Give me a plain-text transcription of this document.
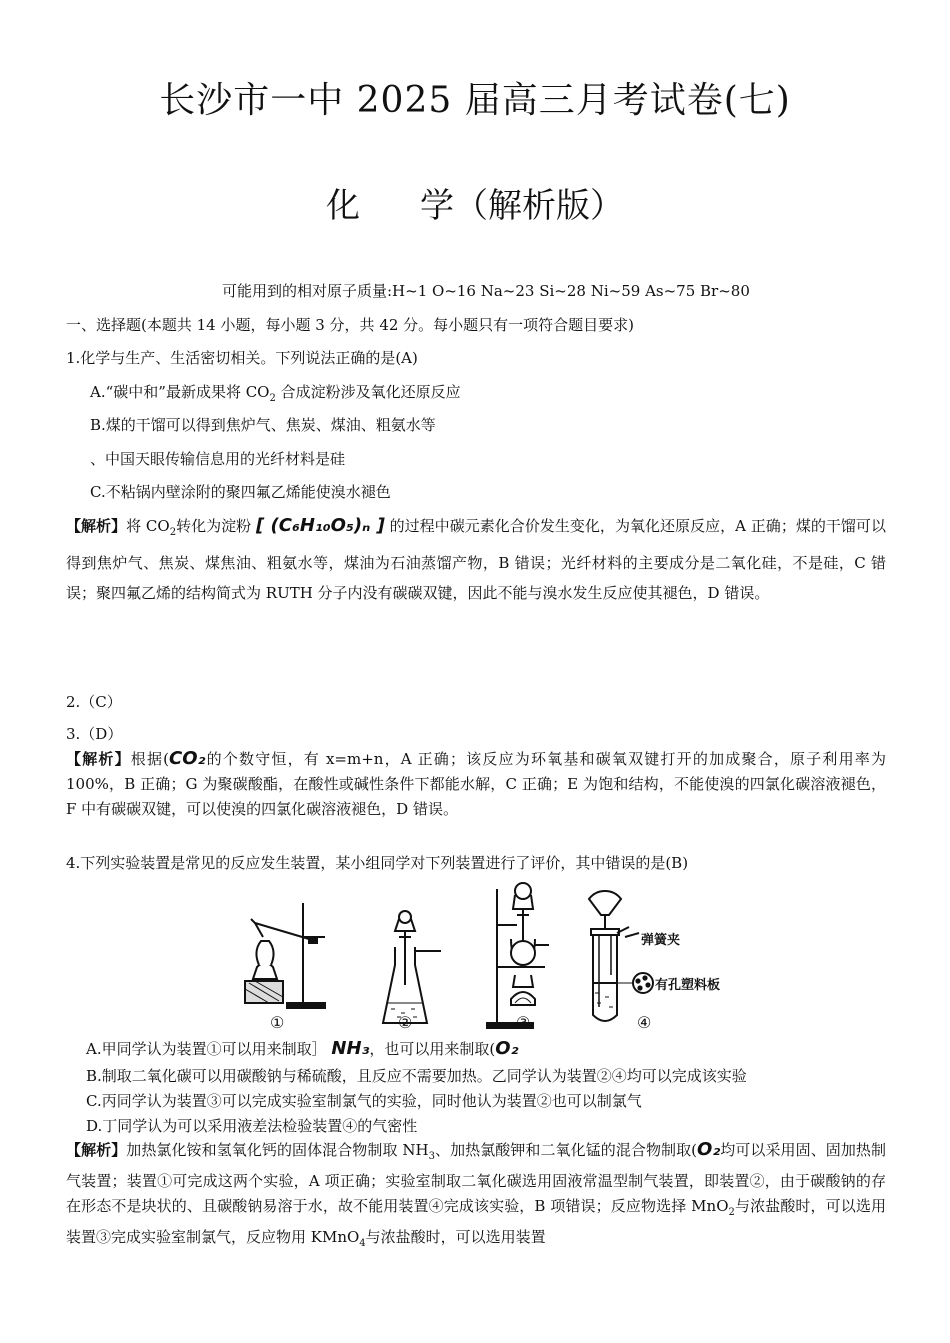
长沙市一中 2025 届高三月考试卷(七)
化 学（解析版）
可能用到的相对原子质量:H~1 O~16 Na~23 Si~28 Ni~59 As~75 Br~80
一、选择题(本题共 14 小题，每小题 3 分，共 42 分。每小题只有一项符合题目要求)
1.化学与生产、生活密切相关。下列说法正确的是(A)
A.“碳中和”最新成果将 $CO_2$ 合成淀粉涉及氧化还原反应
B.煤的干馏可以得到焦炉气、焦炭、煤油、粗氨水等
、中国天眼传输信息用的光纤材料是硅
C.不粘锅内壁涂附的聚四氟乙烯能使溴水褪色
【解析】将 $CO_2$转化为淀粉 [ (C₆H₁₀O₅)ₙ ] 的过程中碳元素化合价发生变化，为氧化还原反应，A 正确；煤的干馏可以得到焦炉气、焦炭、煤焦油、粗氨水等，煤油为石油蒸馏产物，B 错误；光纤材料的主要成分是二氧化硅，不是硅，C 错误；聚四氟乙烯的结构简式为 RUTH 分子内没有碳碳双键，因此不能与溴水发生反应使其褪色，D 错误。
2.（C）
3.（D）
【解析】根据(CO₂的个数守恒，有 x=m+n，A 正确；该反应为环氧基和碳氧双键打开的加成聚合，原子利用率为 100%，B 正确；G 为聚碳酸酯，在酸性或碱性条件下都能水解，C 正确；E 为饱和结构，不能使溴的四氯化碳溶液褪色，F 中有碳碳双键，可以使溴的四氯化碳溶液褪色，D 错误。
4.下列实验装置是常见的反应发生装置，某小组同学对下列装置进行了评价，其中错误的是(B)
弹簧夹
有孔塑料板
①	②	③	④
A.甲同学认为装置①可以用来制取］ NH₃，也可以用来制取(O₂
B.制取二氧化碳可以用碳酸钠与稀硫酸，且反应不需要加热。乙同学认为装置②④均可以完成该实验
C.丙同学认为装置③可以完成实验室制氯气的实验，同时他认为装置②也可以制氯气
D.丁同学认为可以采用液差法检验装置④的气密性
【解析】加热氯化铵和氢氧化钙的固体混合物制取 $NH_3$、加热氯酸钾和二氧化锰的混合物制取(O₂均可以采用固、固加热制气装置；装置①可完成这两个实验，A 项正确；实验室制取二氧化碳选用固液常温型制气装置，即装置②，由于碳酸钠的存在形态不是块状的、且碳酸钠易溶于水，故不能用装置④完成该实验，B 项错误；反应物选择 MnO$_2$与浓盐酸时，可以选用装置③完成实验室制氯气，反应物用 KMnO$_4$与浓盐酸时，可以选用装置
